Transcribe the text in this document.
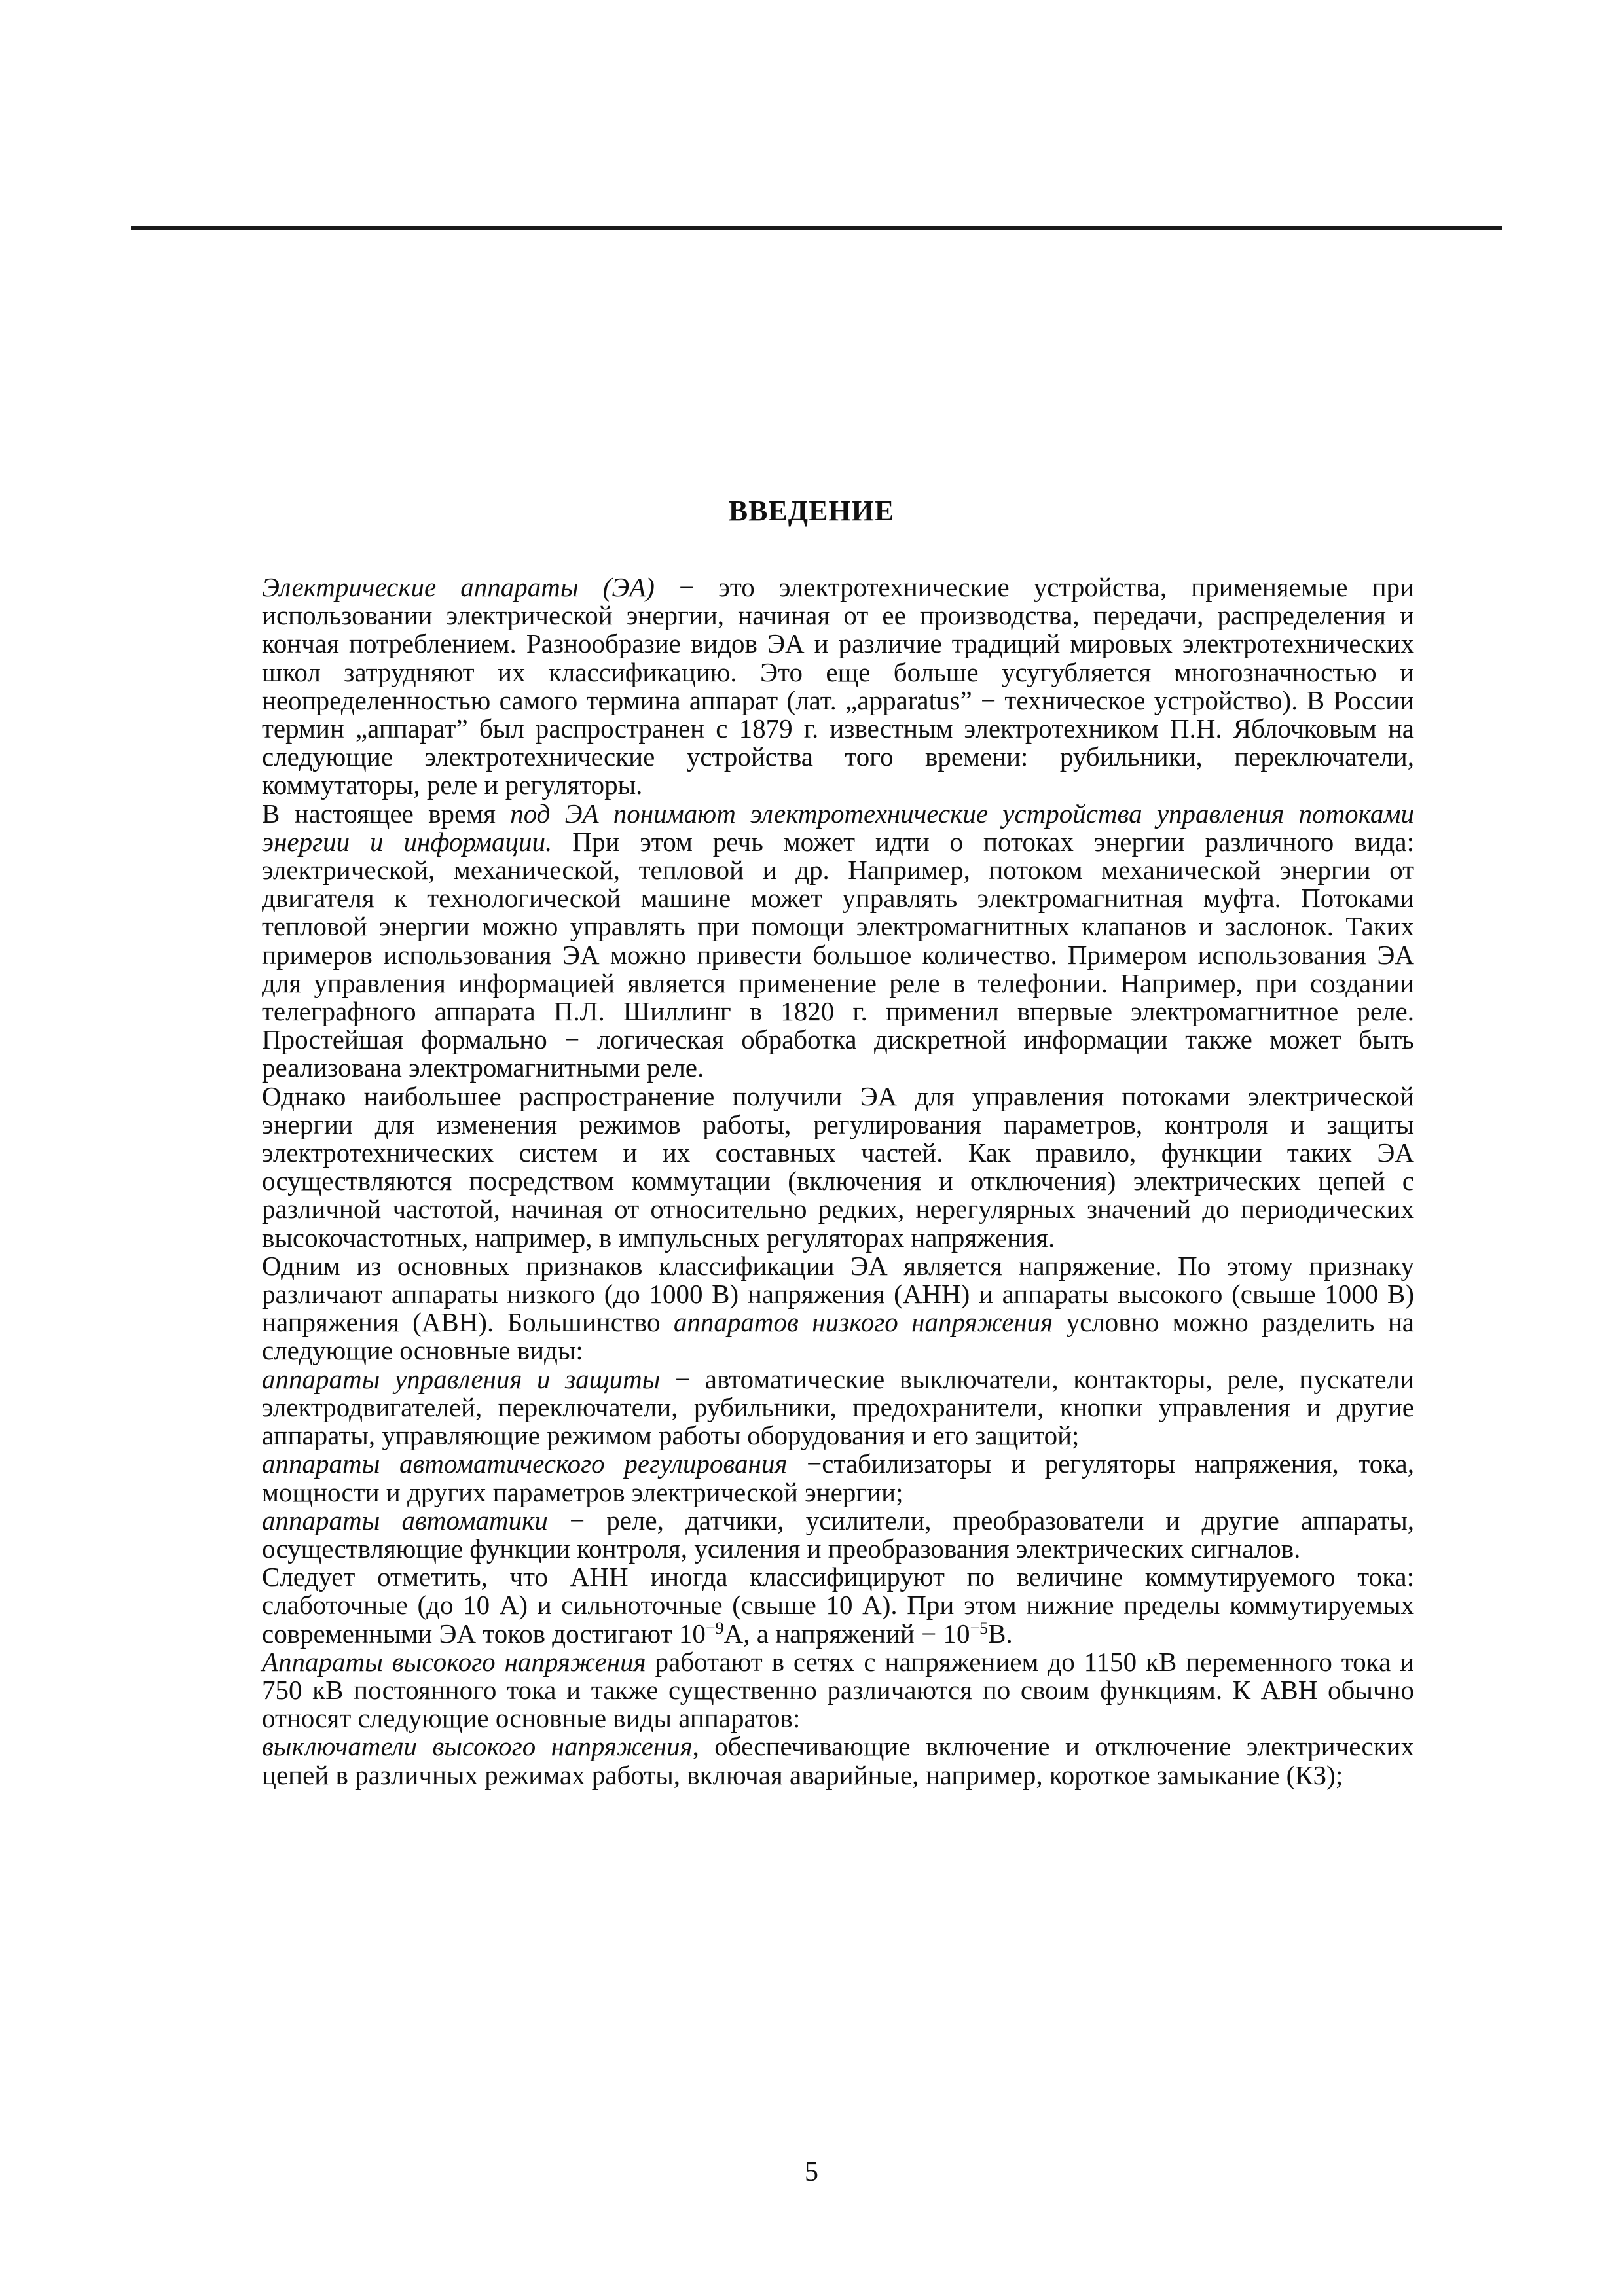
ВВЕДЕНИЕ

Электрические аппараты (ЭА) − это электротехнические устройства, применяемые при использовании электрической энергии, начиная от ее производства, передачи, распределения и кончая потреблением. Разнообразие видов ЭА и различие традиций мировых электротехнических школ затрудняют их классификацию. Это еще больше усугубляется многозначностью и неопределенностью самого термина аппарат (лат. „apparatus” − техническое устройство). В России термин „аппарат” был распространен с 1879 г. известным электротехником П.Н. Яблочковым на следующие электротехнические устройства того времени: рубильники, переключатели, коммутаторы, реле и регуляторы.

В настоящее время под ЭА понимают электротехнические устройства управления потоками энергии и информации. При этом речь может идти о потоках энергии различного вида: электрической, механической, тепловой и др. Например, потоком механической энергии от двигателя к технологической машине может управлять электромагнитная муфта. Потоками тепловой энергии можно управлять при помощи электромагнитных клапанов и заслонок. Таких примеров использования ЭА можно привести большое количество. Примером использования ЭА для управления информацией является применение реле в телефонии. Например, при создании телеграфного аппарата П.Л. Шиллинг в 1820 г. применил впервые электромагнитное реле. Простейшая формально − логическая обработка дискретной информации также может быть реализована электромагнитными реле.

Однако наибольшее распространение получили ЭА для управления потоками электрической энергии для изменения режимов работы, регулирования параметров, контроля и защиты электротехнических систем и их составных частей. Как правило, функции таких ЭА осуществляются посредством коммутации (включения и отключения) электрических цепей с различной частотой, начиная от относительно редких, нерегулярных значений до периодических высокочастотных, например, в импульсных регуляторах напряжения.

Одним из основных признаков классификации ЭА является напряжение. По этому признаку различают аппараты низкого (до 1000 В) напряжения (АНН) и аппараты высокого (свыше 1000 В) напряжения (АВН). Большинство аппаратов низкого напряжения условно можно разделить на следующие основные виды:

аппараты управления и защиты − автоматические выключатели, контакторы, реле, пускатели электродвигателей, переключатели, рубильники, предохранители, кнопки управления и другие аппараты, управляющие режимом работы оборудования и его защитой;

аппараты автоматического регулирования −стабилизаторы и регуляторы напряжения, тока, мощности и других параметров электрической энергии;

аппараты автоматики − реле, датчики, усилители, преобразователи и другие аппараты, осуществляющие функции контроля, усиления и преобразования электрических сигналов.

Следует отметить, что АНН иногда классифицируют по величине коммутируемого тока: слаботочные (до 10 А) и сильноточные (свыше 10 А). При этом нижние пределы коммутируемых современными ЭА токов достигают $10^{-9}А$, а напряжений − $10^{-5}В$.

Аппараты высокого напряжения работают в сетях с напряжением до 1150 кВ переменного тока и 750 кВ постоянного тока и также существенно различаются по своим функциям. К АВН обычно относят следующие основные виды аппаратов:

выключатели высокого напряжения, обеспечивающие включение и отключение электрических цепей в различных режимах работы, включая аварийные, например, короткое замыкание (КЗ);

5
